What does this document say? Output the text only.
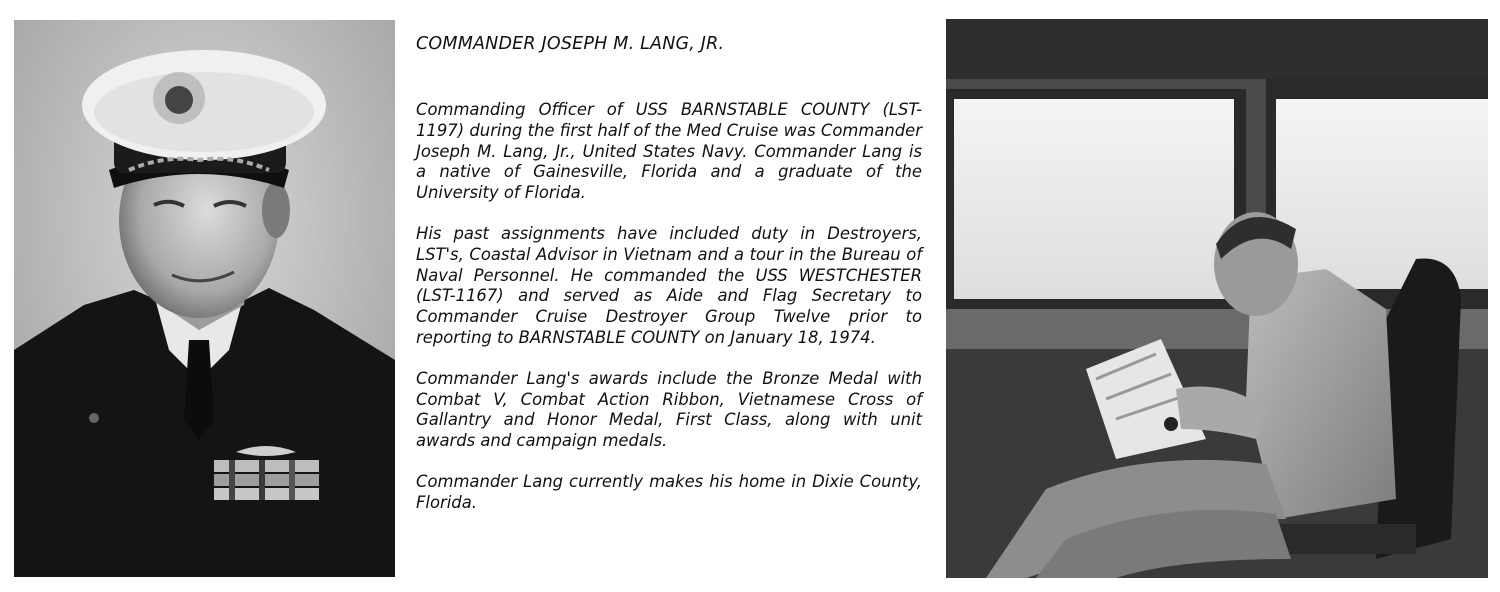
COMMANDER JOSEPH M. LANG, JR.

Commanding Officer of USS BARNSTABLE COUNTY (LST-1197) during the first half of the Med Cruise was Commander Joseph M. Lang, Jr., United States Navy. Commander Lang is a native of Gainesville, Florida and a graduate of the University of Florida.

His past assignments have included duty in Destroyers, LST's, Coastal Advisor in Vietnam and a tour in the Bureau of Naval Personnel. He commanded the USS WESTCHESTER (LST-1167) and served as Aide and Flag Secretary to Commander Cruise Destroyer Group Twelve prior to reporting to BARNSTABLE COUNTY on January 18, 1974.

Commander Lang's awards include the Bronze Medal with Combat V, Combat Action Ribbon, Vietnamese Cross of Gallantry and Honor Medal, First Class, along with unit awards and campaign medals.

Commander Lang currently makes his home in Dixie County, Florida.
